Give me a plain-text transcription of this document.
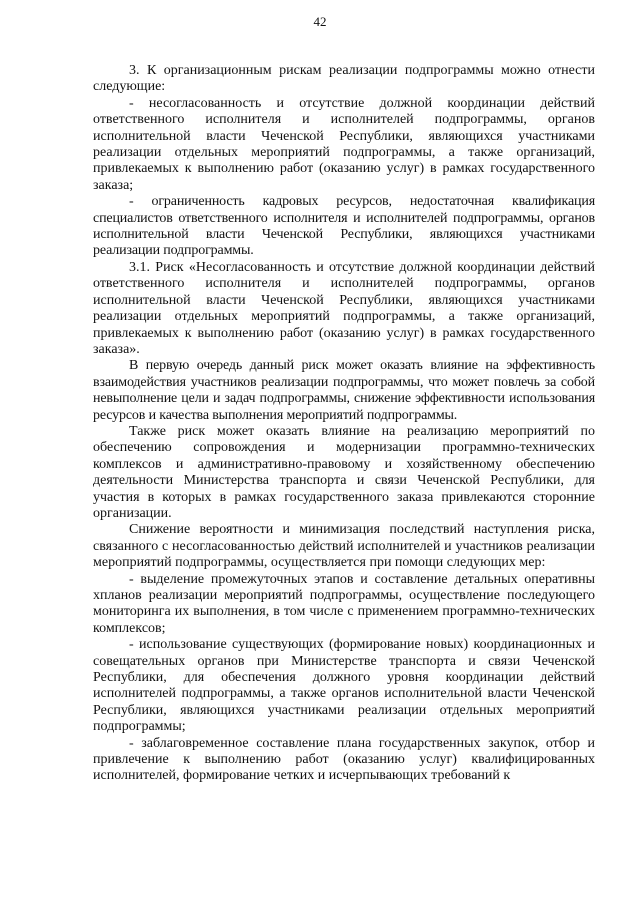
42

3. К организационным рискам реализации подпрограммы можно отнести следующие:

- несогласованность и отсутствие должной координации действий ответственного исполнителя и исполнителей подпрограммы, органов исполнительной власти Чеченской Республики, являющихся участниками реализации отдельных мероприятий подпрограммы, а также организаций, привлекаемых к выполнению работ (оказанию услуг) в рамках государственного заказа;

- ограниченность кадровых ресурсов, недостаточная квалификация специалистов ответственного исполнителя и исполнителей подпрограммы, органов исполнительной власти Чеченской Республики, являющихся участниками реализации подпрограммы.

3.1. Риск «Несогласованность и отсутствие должной координации действий ответственного исполнителя и исполнителей подпрограммы, органов исполнительной власти Чеченской Республики, являющихся участниками реализации отдельных мероприятий подпрограммы, а также организаций, привлекаемых к выполнению работ (оказанию услуг) в рамках государственного заказа».

В первую очередь данный риск может оказать влияние на эффективность взаимодействия участников реализации подпрограммы, что может повлечь за собой невыполнение цели и задач подпрограммы, снижение эффективности использования ресурсов и качества выполнения мероприятий подпрограммы.

Также риск может оказать влияние на реализацию мероприятий по обеспечению сопровождения и модернизации программно-технических комплексов и административно-правовому и хозяйственному обеспечению деятельности Министерства транспорта и связи Чеченской Республики, для участия в которых в рамках государственного заказа привлекаются сторонние организации.

Снижение вероятности и минимизация последствий наступления риска, связанного с несогласованностью действий исполнителей и участников реализации мероприятий подпрограммы, осуществляется при помощи следующих мер:

- выделение промежуточных этапов и составление детальных оперативны хпланов реализации мероприятий подпрограммы, осуществление последующего мониторинга их выполнения, в том числе с применением программно-технических комплексов;

- использование существующих (формирование новых) координационных и совещательных органов при Министерстве транспорта и связи Чеченской Республики, для обеспечения должного уровня координации действий исполнителей подпрограммы, а также органов исполнительной власти Чеченской Республики, являющихся участниками реализации отдельных мероприятий подпрограммы;

- заблаговременное составление плана государственных закупок, отбор и привлечение к выполнению работ (оказанию услуг) квалифицированных исполнителей, формирование четких и исчерпывающих требований к
